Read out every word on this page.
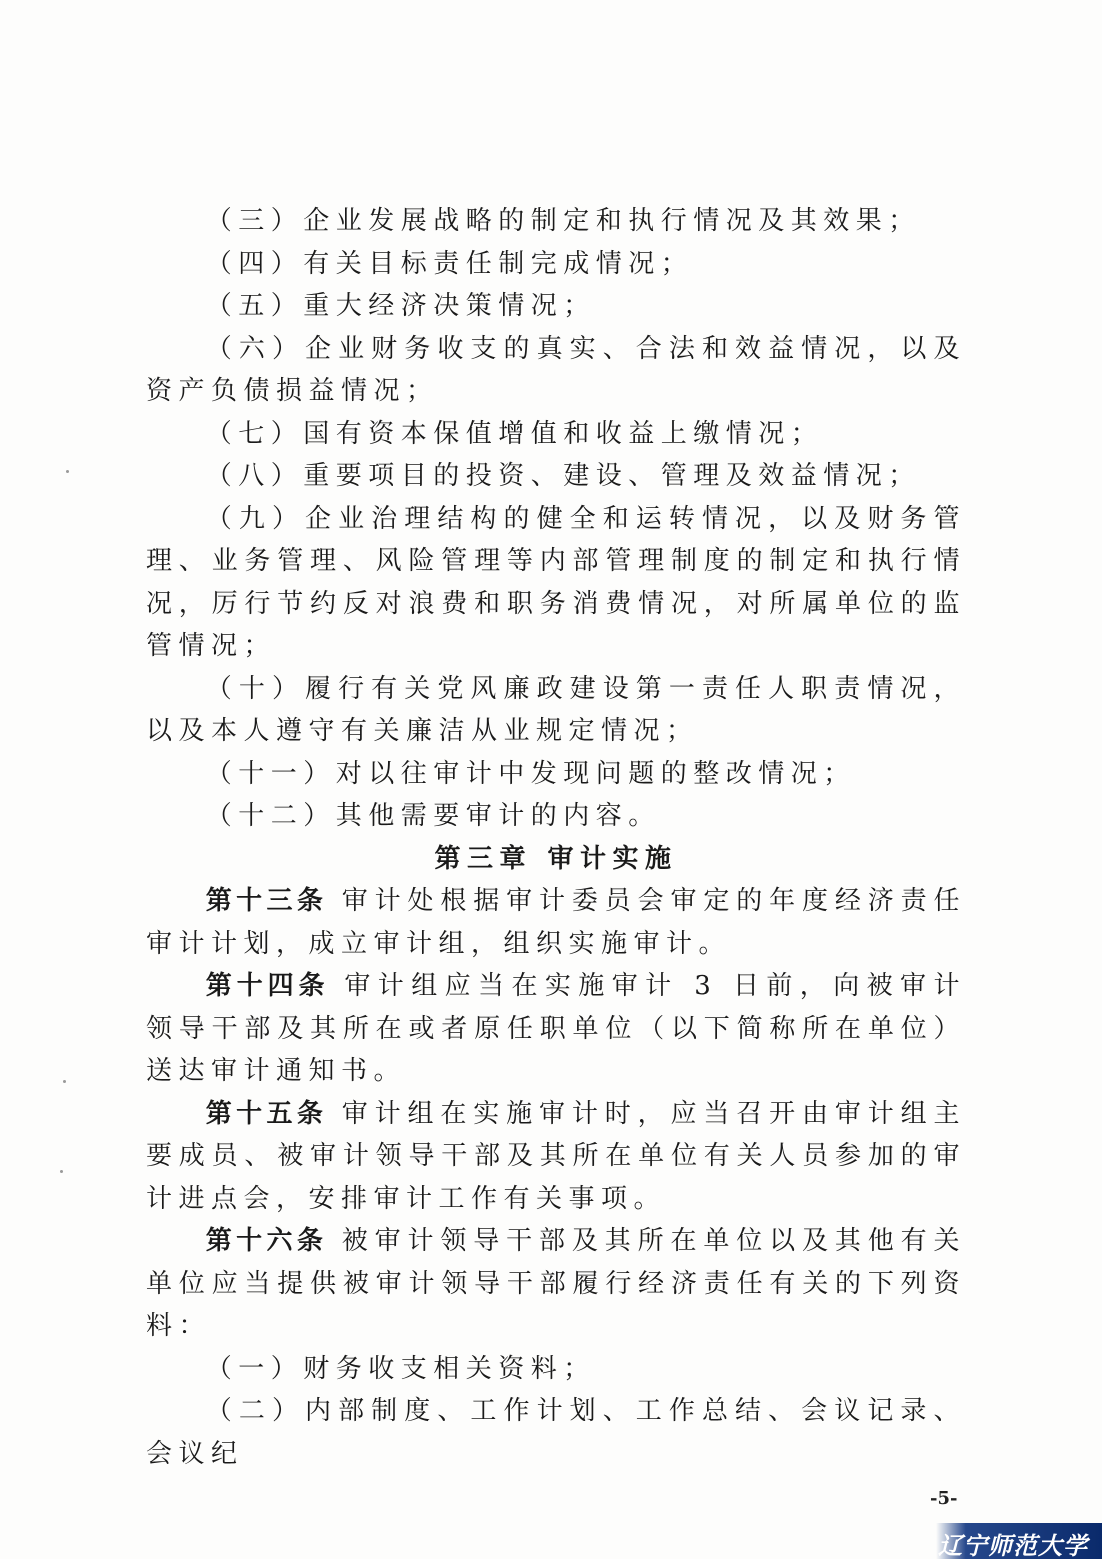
（三）企业发展战略的制定和执行情况及其效果；

（四）有关目标责任制完成情况；

（五）重大经济决策情况；

（六）企业财务收支的真实、合法和效益情况，以及资产负债损益情况；

（七）国有资本保值增值和收益上缴情况；

（八）重要项目的投资、建设、管理及效益情况；

（九）企业治理结构的健全和运转情况，以及财务管理、业务管理、风险管理等内部管理制度的制定和执行情况，厉行节约反对浪费和职务消费情况，对所属单位的监管情况；

（十）履行有关党风廉政建设第一责任人职责情况，以及本人遵守有关廉洁从业规定情况；

（十一）对以往审计中发现问题的整改情况；

（十二）其他需要审计的内容。

第三章 审计实施

第十三条 审计处根据审计委员会审定的年度经济责任审计计划，成立审计组，组织实施审计。

第十四条 审计组应当在实施审计 3 日前，向被审计领导干部及其所在或者原任职单位（以下简称所在单位）送达审计通知书。

第十五条 审计组在实施审计时，应当召开由审计组主要成员、被审计领导干部及其所在单位有关人员参加的审计进点会，安排审计工作有关事项。

第十六条 被审计领导干部及其所在单位以及其他有关单位应当提供被审计领导干部履行经济责任有关的下列资料：

（一）财务收支相关资料；

（二）内部制度、工作计划、工作总结、会议记录、会议纪

-5-
辽宁师范大学
